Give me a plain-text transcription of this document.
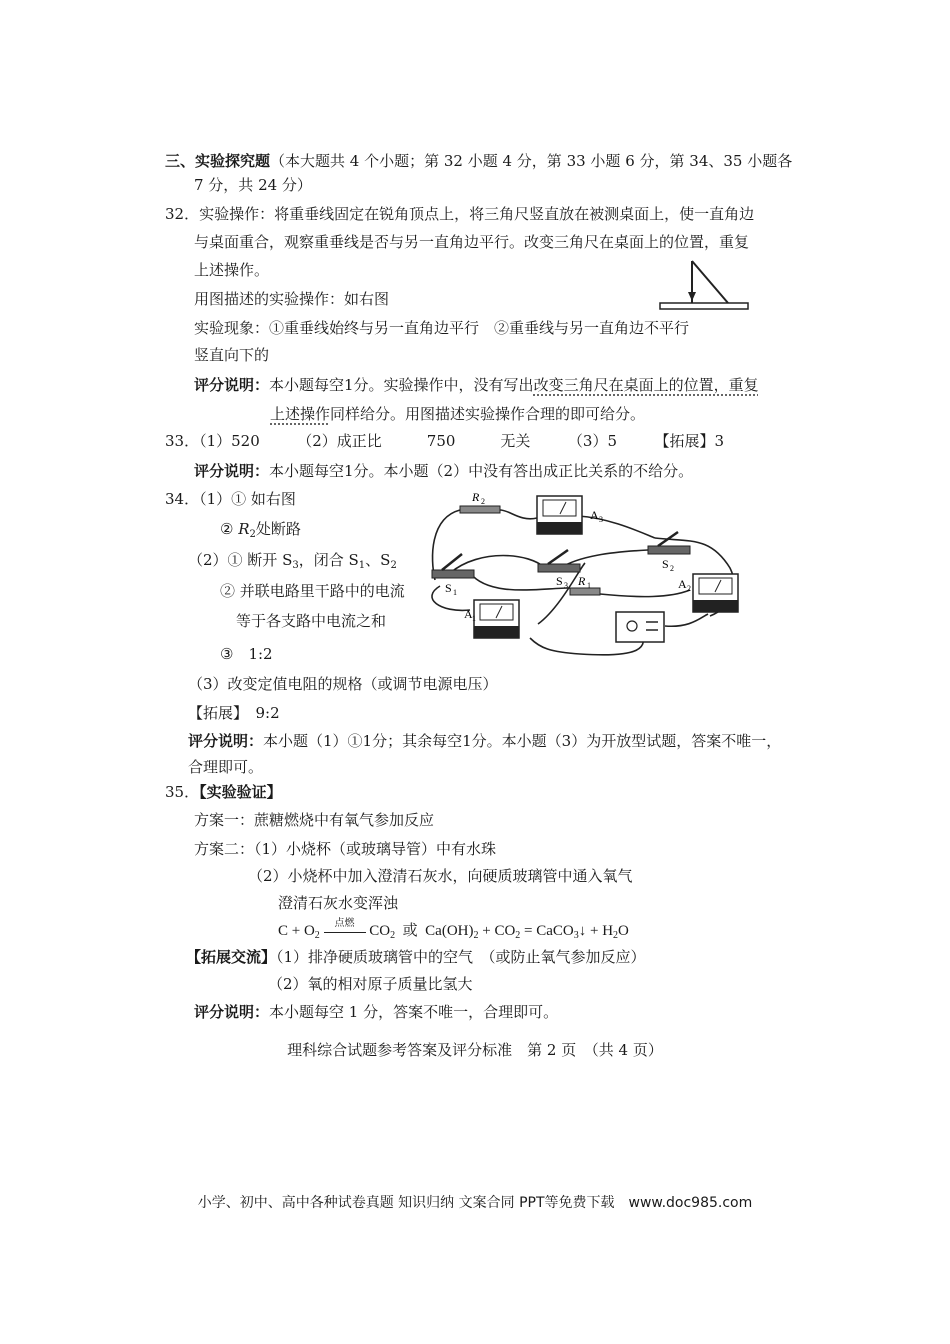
三、实验探究题（本大题共 4 个小题；第 32 小题 4 分，第 33 小题 6 分，第 34、35 小题各
7 分，共 24 分）
32．实验操作：将重垂线固定在锐角顶点上，将三角尺竖直放在被测桌面上，使一直角边
与桌面重合，观察重垂线是否与另一直角边平行。改变三角尺在桌面上的位置，重复
上述操作。
用图描述的实验操作：如右图
实验现象：①重垂线始终与另一直角边平行　②重垂线与另一直角边不平行
竖直向下的
评分说明：本小题每空1分。实验操作中，没有写出改变三角尺在桌面上的位置，重复
上述操作同样给分。用图描述实验操作合理的即可给分。
33．（1）520　　　（2）成正比　　　750　　　无关　　　（3）5　　　【拓展】3
评分说明：本小题每空1分。本小题（2）中没有答出成正比关系的不给分。
34．（1）① 如右图
② $R_2$处断路
（2）① 断开 $S_3$，闭合 $S_1$、$S_2$
② 并联电路里干路中的电流
等于各支路中电流之和
③　1:2
（3）改变定值电阻的规格（或调节电源电压）
【拓展】　9:2
评分说明：本小题（1）①1分；其余每空1分。本小题（3）为开放型试题，答案不唯一，
合理即可。
R 2
A 3
S 1
S 3
S 2
R 1
A 1
A 2
35．【实验验证】
方案一：蔗糖燃烧中有氧气参加反应
方案二：（1）小烧杯（或玻璃导管）中有水珠
（2）小烧杯中加入澄清石灰水，向硬质玻璃管中通入氧气
澄清石灰水变浑浊
$C + O_2$
点燃 $CO_2$ 或 $Ca(OH)_2 + CO_2$ = CaCO$_3$↓ + $H_2O$
【拓展交流】（1）排净硬质玻璃管中的空气　（或防止氧气参加反应）
（2）氧的相对原子质量比氢大
评分说明：本小题每空 1 分，答案不唯一，合理即可。
理科综合试题参考答案及评分标准　第 2 页　（共 4 页）
小学、初中、高中各种试卷真题 知识归纳 文案合同 PPT等免费下载　www.doc985.com
